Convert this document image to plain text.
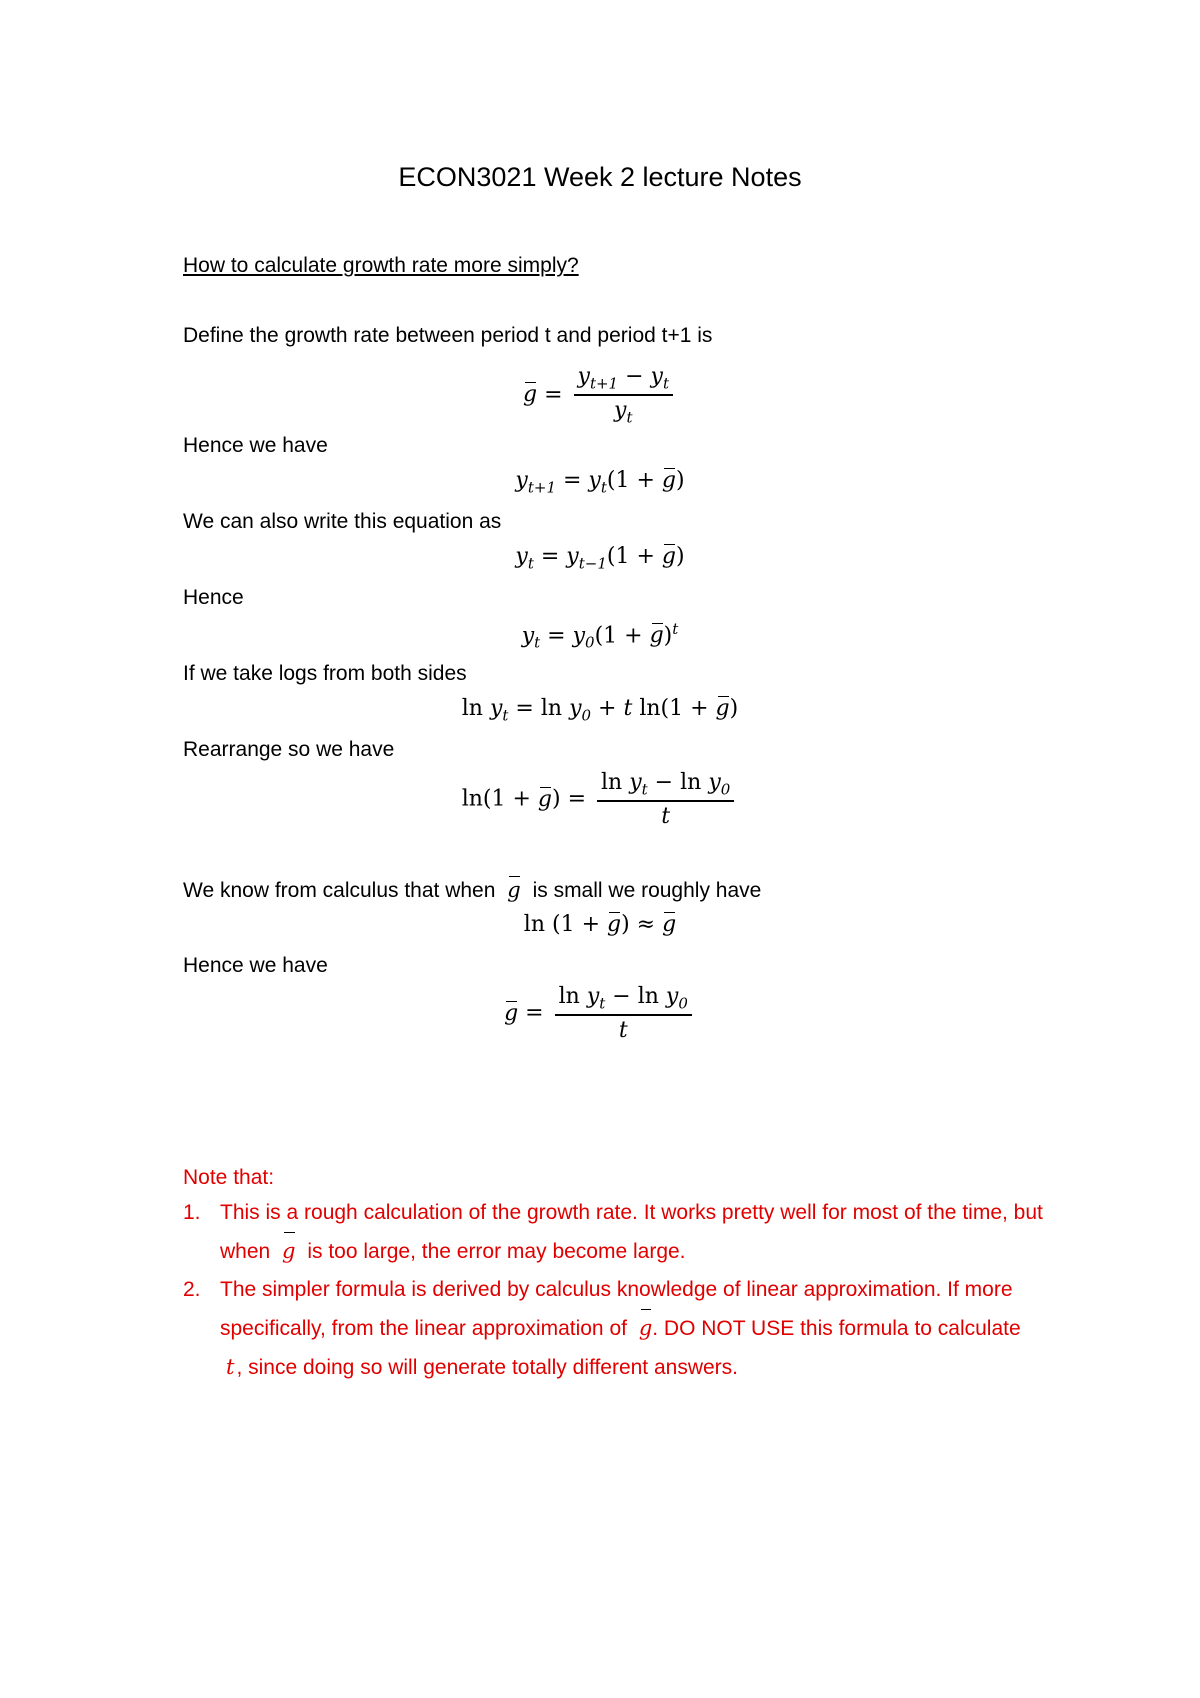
ECON3021 Week 2 lecture Notes
How to calculate growth rate more simply?
Define the growth rate between period t and period t+1 is
$g = \frac{y_{t+1} - y_t}{y_t}$
Hence we have
$y_{t+1} = y_t(1 + g)$
We can also write this equation as
$y_t = y_{t-1}(1 + g)$
Hence
$y_t = y_0(1 + g)^t$
If we take logs from both sides
$\ln y_t = \ln y_0 + t$ ln(1 + g)
Rearrange so we have
$\ln(1 + g) = \frac{\ln y_t - \ln y_0}{t}$
We know from calculus that when g is small we roughly have
ln (1 + g) ≈ g
Hence we have
$g = \frac{\ln y_t - \ln y_0}{t}$
Note that:
1. This is a rough calculation of the growth rate. It works pretty well for most of the time, but when g is too large, the error may become large.
2. The simpler formula is derived by calculus knowledge of linear approximation. If more specifically, from the linear approximation of g. DO NOT USE this formula to calculate t, since doing so will generate totally different answers.
